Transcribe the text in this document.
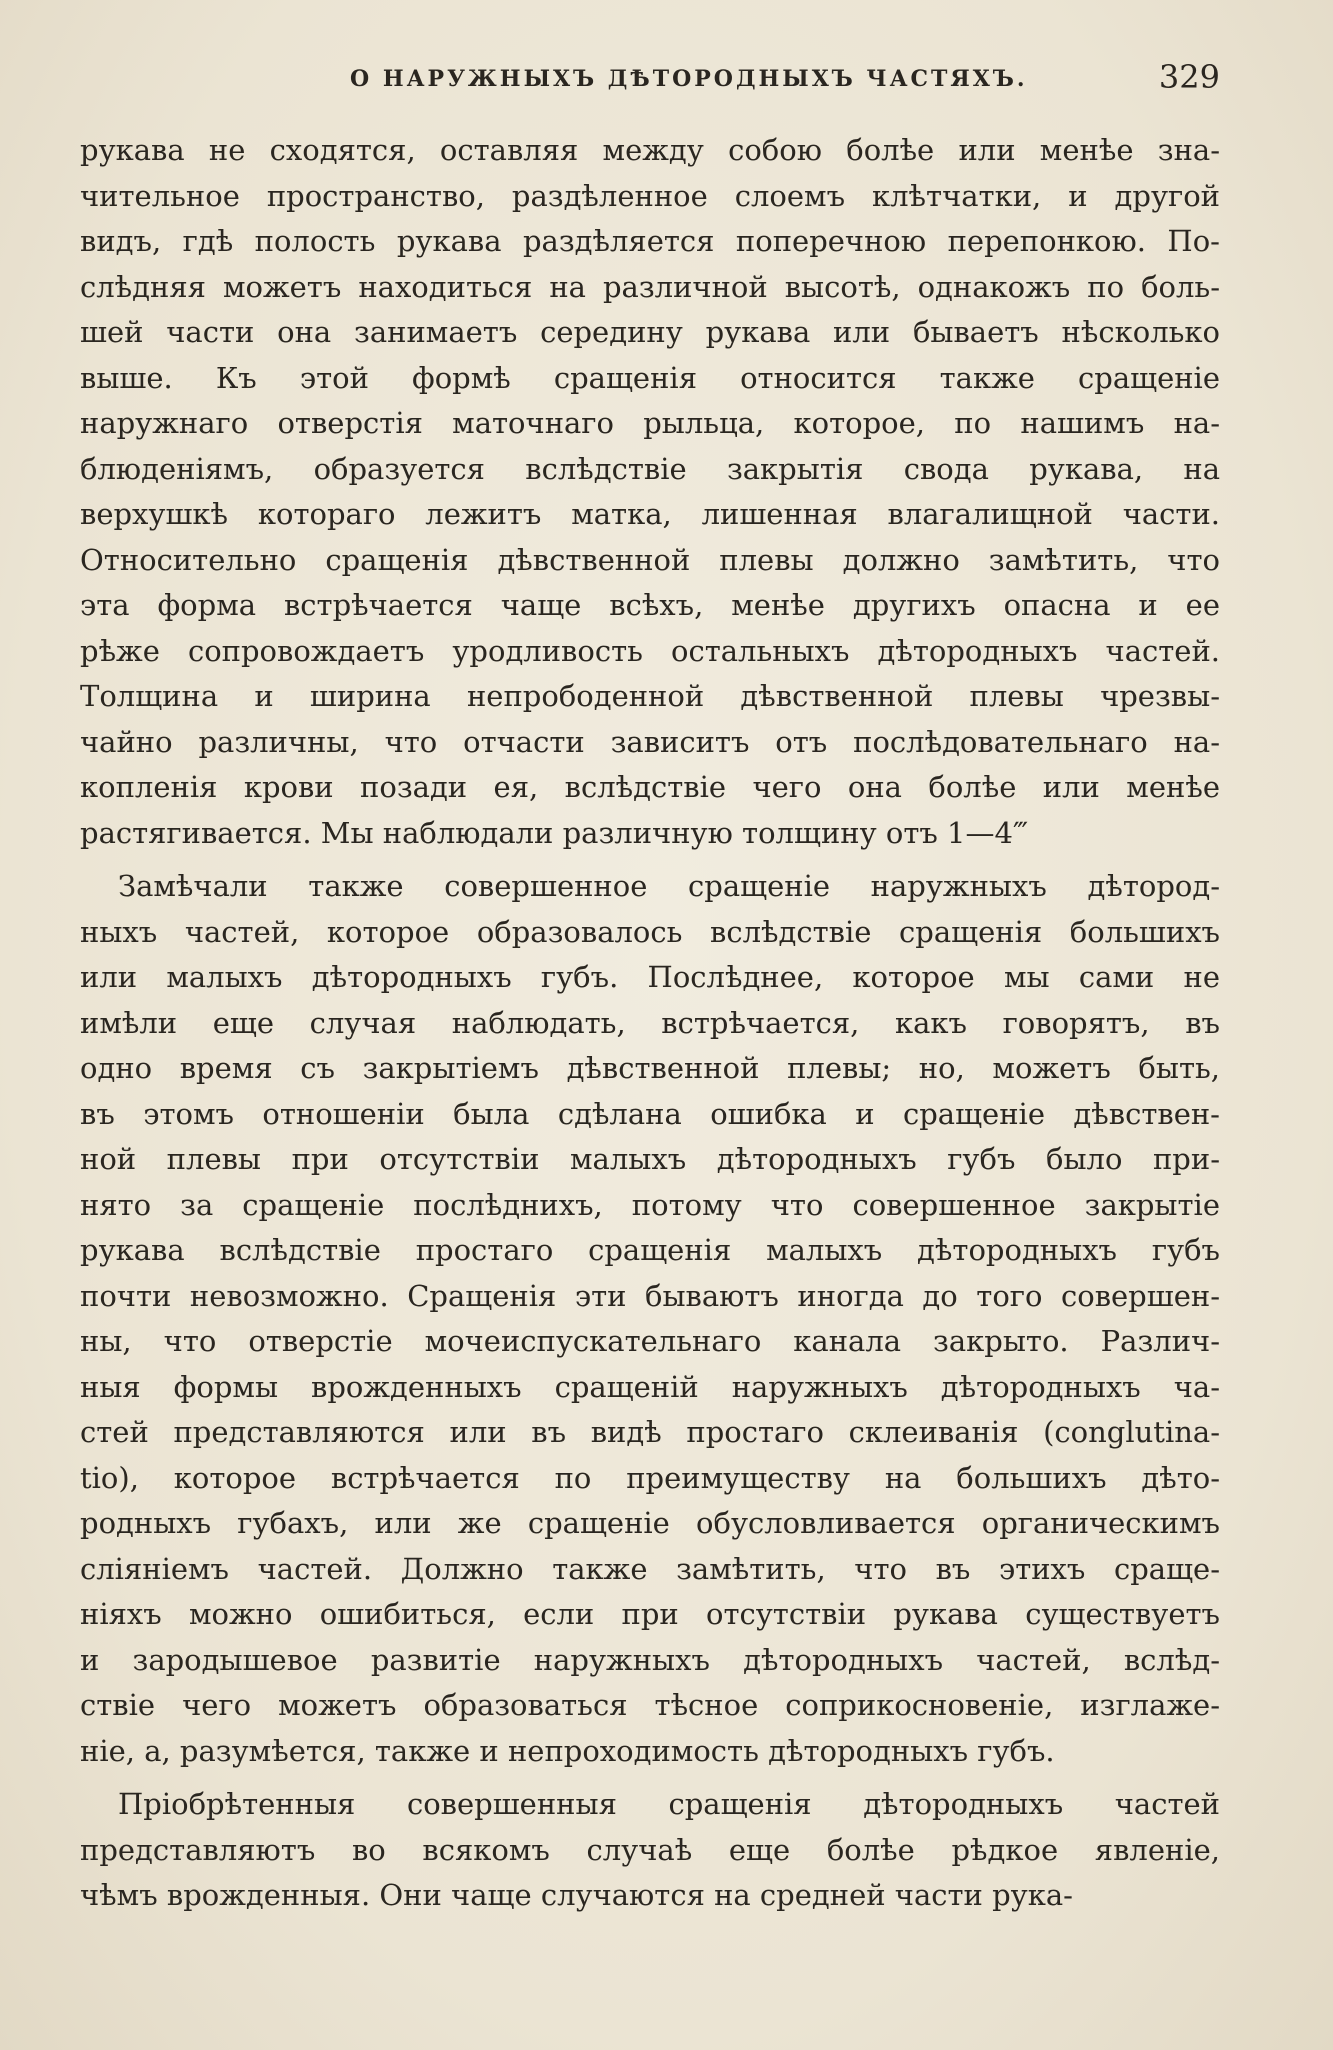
О НАРУЖНЫХЪ ДѢТОРОДНЫХЪ ЧАСТЯХЪ.	329
рукава не сходятся, оставляя между собою болѣе или менѣе зна-
чительное пространство, раздѣленное слоемъ клѣтчатки, и другой
видъ, гдѣ полость рукава раздѣляется поперечною перепонкою. По-
слѣдняя можетъ находиться на различной высотѣ, однакожъ по боль-
шей части она занимаетъ середину рукава или бываетъ нѣсколько
выше. Къ этой формѣ сращенія относится также сращеніе
наружнаго отверстія маточнаго рыльца, которое, по нашимъ на-
блюденіямъ, образуется вслѣдствіе закрытія свода рукава, на
верхушкѣ котораго лежитъ матка, лишенная влагалищной части.
Относительно сращенія дѣвственной плевы должно замѣтить, что
эта форма встрѣчается чаще всѣхъ, менѣе другихъ опасна и ее
рѣже сопровождаетъ уродливость остальныхъ дѣтородныхъ частей.
Толщина и ширина непрободенной дѣвственной плевы чрезвы-
чайно различны, что отчасти зависитъ отъ послѣдовательнаго на-
копленія крови позади ея, вслѣдствіе чего она болѣе или менѣе
растягивается. Мы наблюдали различную толщину отъ 1—4‴
Замѣчали также совершенное сращеніе наружныхъ дѣтород-
ныхъ частей, которое образовалось вслѣдствіе сращенія большихъ
или малыхъ дѣтородныхъ губъ. Послѣднее, которое мы сами не
имѣли еще случая наблюдать, встрѣчается, какъ говорятъ, въ
одно время съ закрытіемъ дѣвственной плевы; но, можетъ быть,
въ этомъ отношеніи была сдѣлана ошибка и сращеніе дѣвствен-
ной плевы при отсутствіи малыхъ дѣтородныхъ губъ было при-
нято за сращеніе послѣднихъ, потому что совершенное закрытіе
рукава вслѣдствіе простаго сращенія малыхъ дѣтородныхъ губъ
почти невозможно. Сращенія эти бываютъ иногда до того совершен-
ны, что отверстіе мочеиспускательнаго канала закрыто. Различ-
ныя формы врожденныхъ сращеній наружныхъ дѣтородныхъ ча-
стей представляются или въ видѣ простаго склеиванія (conglutina-
tio), которое встрѣчается по преимуществу на большихъ дѣто-
родныхъ губахъ, или же сращеніе обусловливается органическимъ
сліяніемъ частей. Должно также замѣтить, что въ этихъ сраще-
ніяхъ можно ошибиться, если при отсутствіи рукава существуетъ
и зародышевое развитіе наружныхъ дѣтородныхъ частей, вслѣд-
ствіе чего можетъ образоваться тѣсное соприкосновеніе, изглаже-
ніе, а, разумѣется, также и непроходимость дѣтородныхъ губъ.
Пріобрѣтенныя совершенныя сращенія дѣтородныхъ частей
представляютъ во всякомъ случаѣ еще болѣе рѣдкое явленіе,
чѣмъ врожденныя. Они чаще случаются на средней части рука-
